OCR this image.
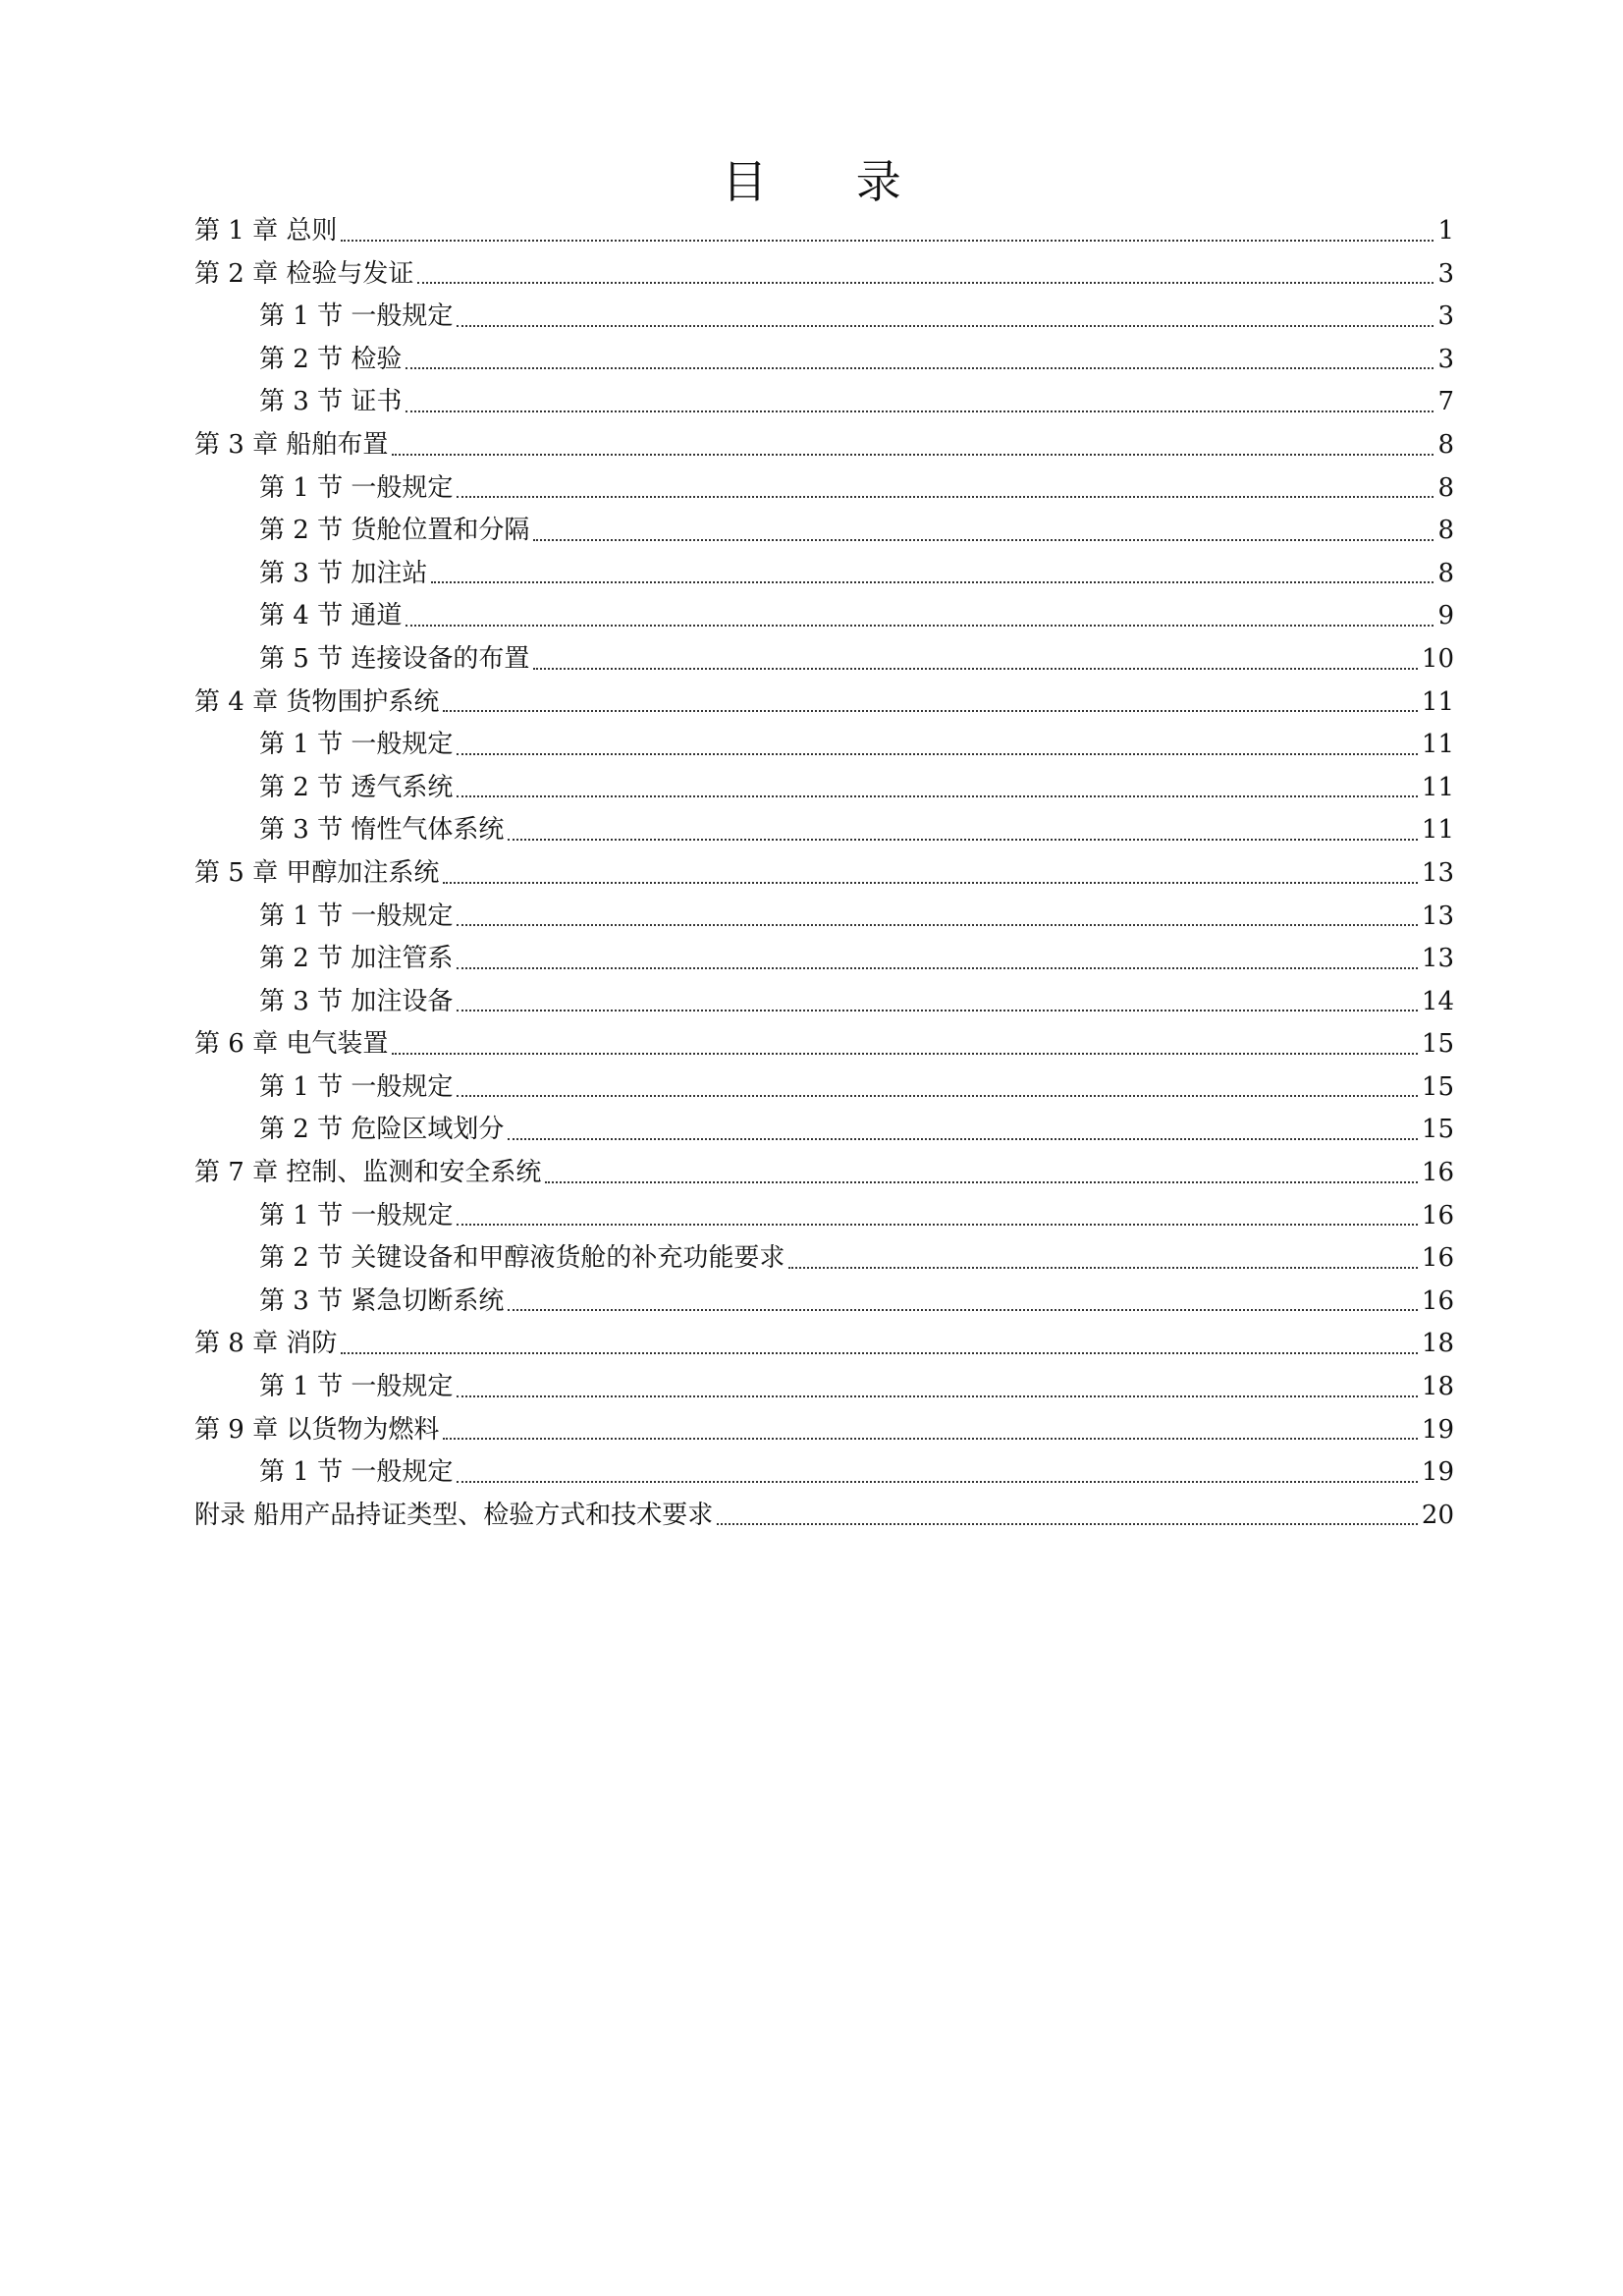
目 录
第 1 章 总则	1
第 2 章 检验与发证	3
第 1 节 一般规定	3
第 2 节 检验	3
第 3 节 证书	7
第 3 章 船舶布置	8
第 1 节 一般规定	8
第 2 节 货舱位置和分隔	8
第 3 节 加注站	8
第 4 节 通道	9
第 5 节 连接设备的布置	10
第 4 章 货物围护系统	11
第 1 节 一般规定	11
第 2 节 透气系统	11
第 3 节 惰性气体系统	11
第 5 章 甲醇加注系统	13
第 1 节 一般规定	13
第 2 节 加注管系	13
第 3 节 加注设备	14
第 6 章 电气装置	15
第 1 节 一般规定	15
第 2 节 危险区域划分	15
第 7 章 控制、监测和安全系统	16
第 1 节 一般规定	16
第 2 节 关键设备和甲醇液货舱的补充功能要求	16
第 3 节 紧急切断系统	16
第 8 章 消防	18
第 1 节 一般规定	18
第 9 章 以货物为燃料	19
第 1 节 一般规定	19
附录 船用产品持证类型、检验方式和技术要求	20
